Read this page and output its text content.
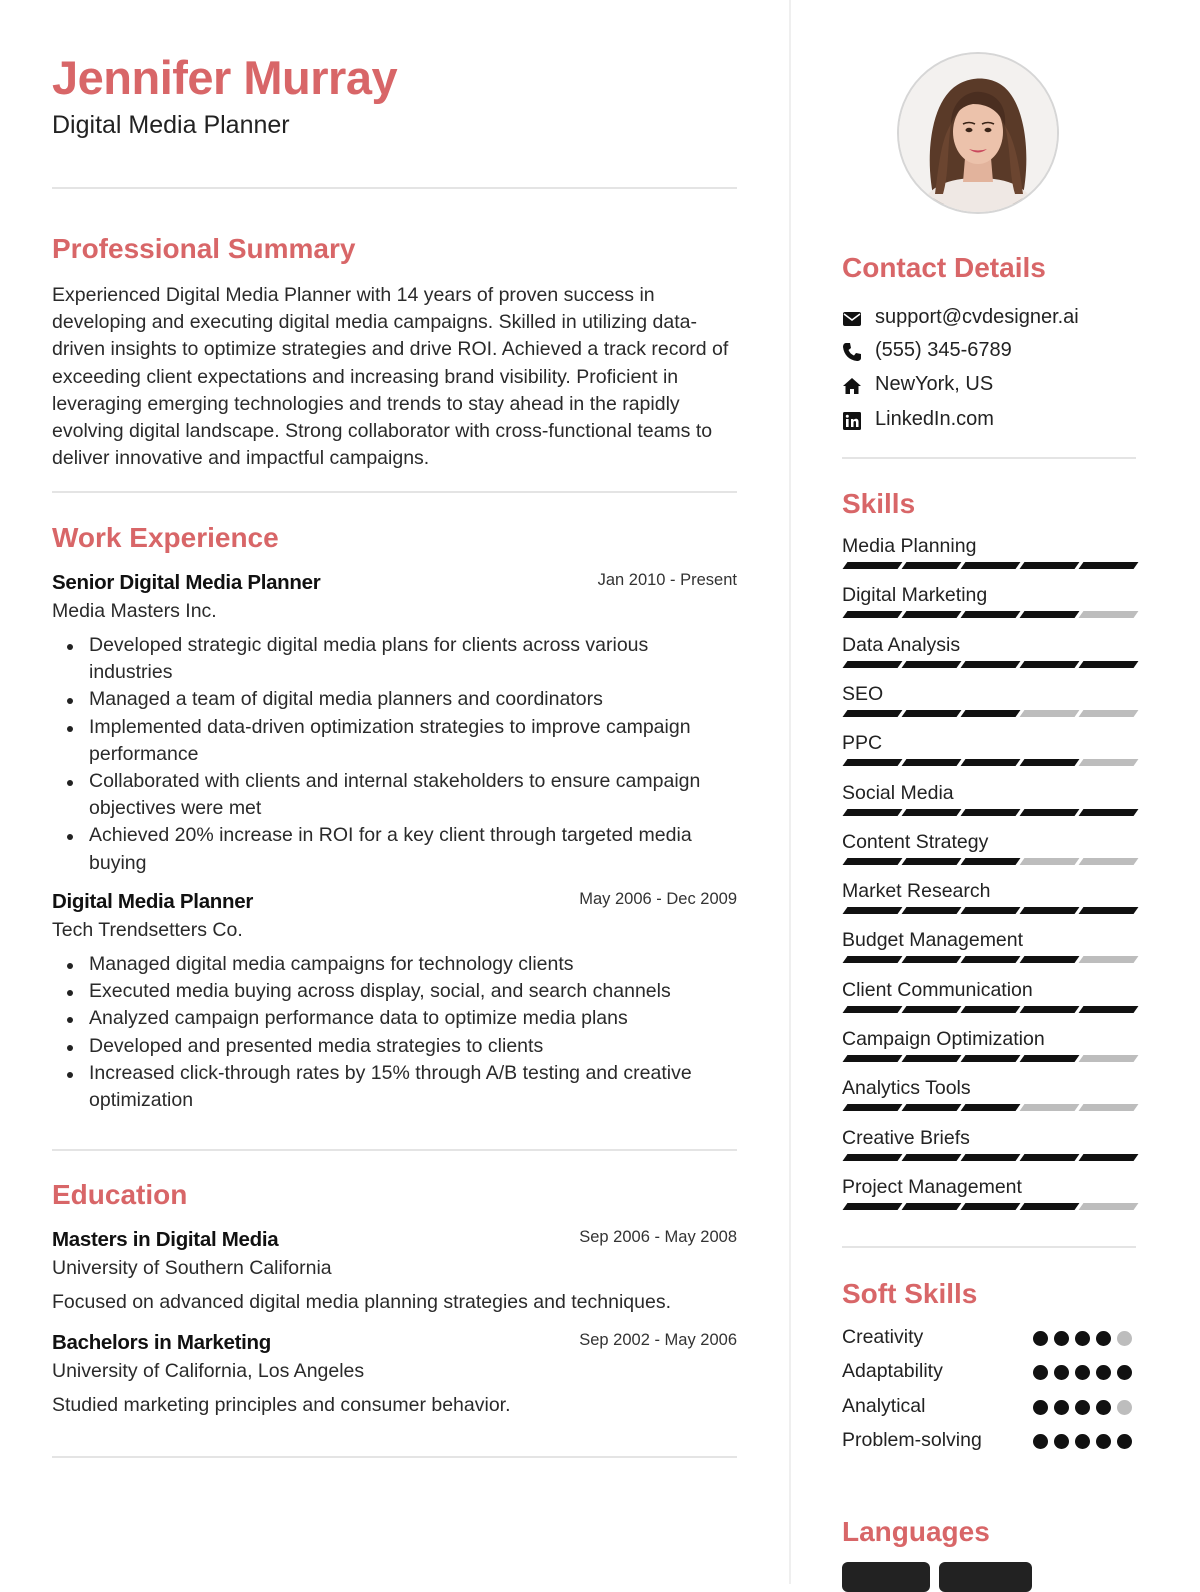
Jennifer Murray
Digital Media Planner
Professional Summary
Experienced Digital Media Planner with 14 years of proven success in developing and executing digital media campaigns. Skilled in utilizing data-driven insights to optimize strategies and drive ROI. Achieved a track record of exceeding client expectations and increasing brand visibility. Proficient in leveraging emerging technologies and trends to stay ahead in the rapidly evolving digital landscape. Strong collaborator with cross-functional teams to deliver innovative and impactful campaigns.
Work Experience
Senior Digital Media Planner	Jan 2010 - Present
Media Masters Inc.
Developed strategic digital media plans for clients across various industries
Managed a team of digital media planners and coordinators
Implemented data-driven optimization strategies to improve campaign performance
Collaborated with clients and internal stakeholders to ensure campaign objectives were met
Achieved 20% increase in ROI for a key client through targeted media buying
Digital Media Planner	May 2006 - Dec 2009
Tech Trendsetters Co.
Managed digital media campaigns for technology clients
Executed media buying across display, social, and search channels
Analyzed campaign performance data to optimize media plans
Developed and presented media strategies to clients
Increased click-through rates by 15% through A/B testing and creative optimization
Education
Masters in Digital Media	Sep 2006 - May 2008
University of Southern California
Focused on advanced digital media planning strategies and techniques.
Bachelors in Marketing	Sep 2002 - May 2006
University of California, Los Angeles
Studied marketing principles and consumer behavior.
Contact Details
support@cvdesigner.ai
(555) 345-6789
NewYork, US
LinkedIn.com
Skills
Media Planning
Digital Marketing
Data Analysis
SEO
PPC
Social Media
Content Strategy
Market Research
Budget Management
Client Communication
Campaign Optimization
Analytics Tools
Creative Briefs
Project Management
Soft Skills
Creativity
Adaptability
Analytical
Problem-solving
Languages
